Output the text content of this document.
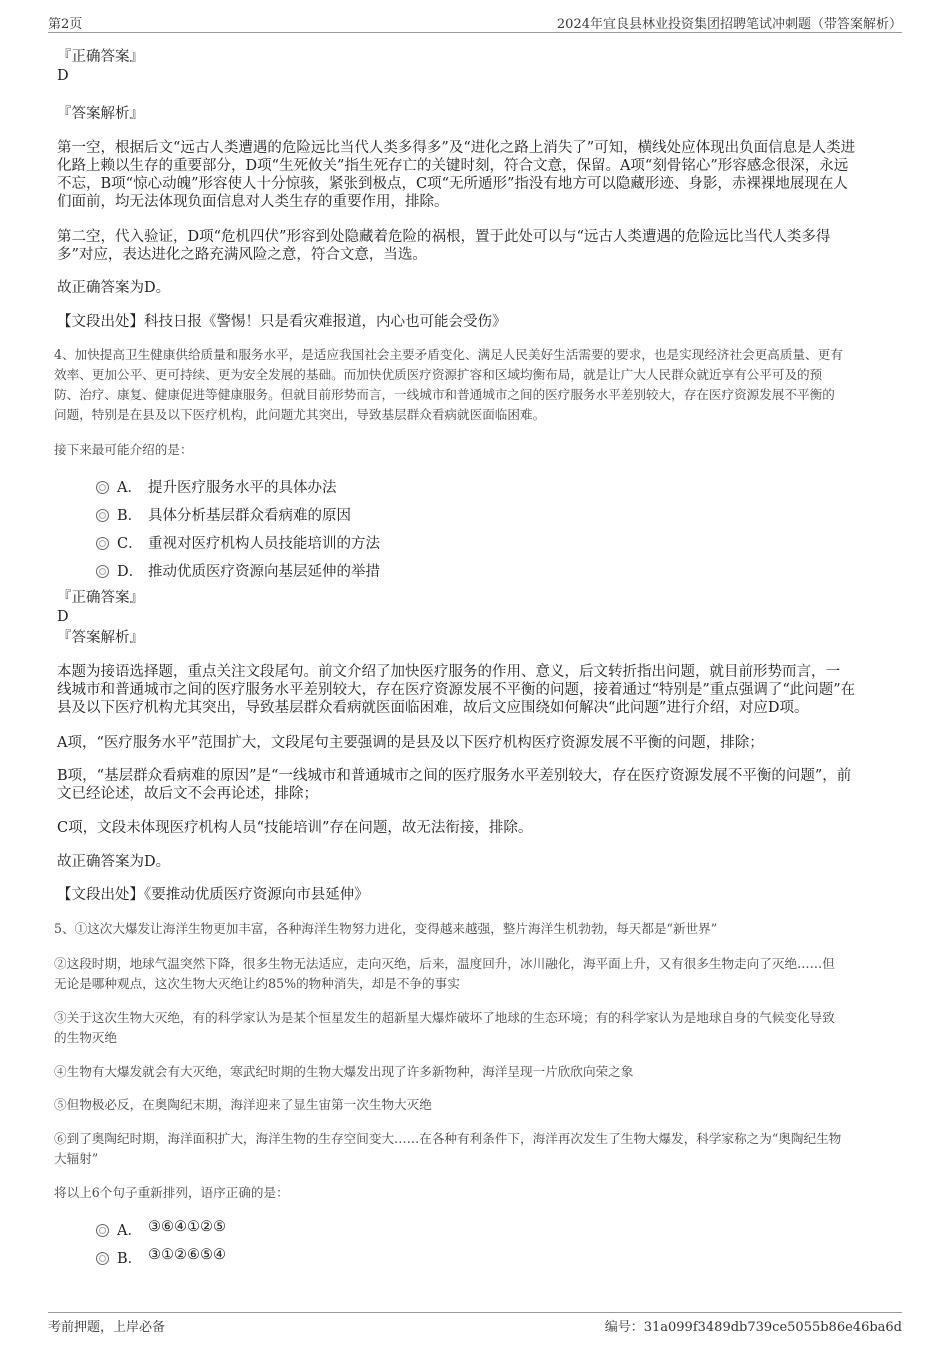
第2页	2024年宜良县林业投资集团招聘笔试冲刺题（带答案解析）

『正确答案』

D

『答案解析』

第一空，根据后文“远古人类遭遇的危险远比当代人类多得多”及“进化之路上消失了”可知，横线处应体现出负面信息是人类进

化路上赖以生存的重要部分，D项“生死攸关”指生死存亡的关键时刻，符合文意，保留。A项“刻骨铭心”形容感念很深，永远

不忘，B项“惊心动魄”形容使人十分惊骇，紧张到极点，C项“无所遁形”指没有地方可以隐藏形迹、身影，赤裸裸地展现在人

们面前，均无法体现负面信息对人类生存的重要作用，排除。

第二空，代入验证，D项“危机四伏”形容到处隐藏着危险的祸根，置于此处可以与“远古人类遭遇的危险远比当代人类多得

多”对应，表达进化之路充满风险之意，符合文意，当选。

故正确答案为D。

【文段出处】科技日报《警惕！只是看灾难报道，内心也可能会受伤》

4、加快提高卫生健康供给质量和服务水平，是适应我国社会主要矛盾变化、满足人民美好生活需要的要求，也是实现经济社会更高质量、更有

效率、更加公平、更可持续、更为安全发展的基础。而加快优质医疗资源扩容和区域均衡布局，就是让广大人民群众就近享有公平可及的预

防、治疗、康复、健康促进等健康服务。但就目前形势而言，一线城市和普通城市之间的医疗服务水平差别较大，存在医疗资源发展不平衡的

问题，特别是在县及以下医疗机构，此问题尤其突出，导致基层群众看病就医面临困难。

接下来最可能介绍的是：

A． 提升医疗服务水平的具体办法
B． 具体分析基层群众看病难的原因
C． 重视对医疗机构人员技能培训的方法
D． 推动优质医疗资源向基层延伸的举措

『正确答案』

D

『答案解析』

本题为接语选择题，重点关注文段尾句。前文介绍了加快医疗服务的作用、意义，后文转折指出问题，就目前形势而言，一

线城市和普通城市之间的医疗服务水平差别较大，存在医疗资源发展不平衡的问题，接着通过“特别是”重点强调了“此问题”在

县及以下医疗机构尤其突出，导致基层群众看病就医面临困难，故后文应围绕如何解决“此问题”进行介绍，对应D项。

A项，“医疗服务水平”范围扩大，文段尾句主要强调的是县及以下医疗机构医疗资源发展不平衡的问题，排除；

B项，“基层群众看病难的原因”是“一线城市和普通城市之间的医疗服务水平差别较大，存在医疗资源发展不平衡的问题”，前

文已经论述，故后文不会再论述，排除；

C项，文段未体现医疗机构人员“技能培训”存在问题，故无法衔接，排除。

故正确答案为D。

【文段出处】《要推动优质医疗资源向市县延伸》

5、①这次大爆发让海洋生物更加丰富，各种海洋生物努力进化，变得越来越强，整片海洋生机勃勃，每天都是“新世界”

②这段时期，地球气温突然下降，很多生物无法适应，走向灭绝，后来，温度回升，冰川融化，海平面上升，又有很多生物走向了灭绝……但

无论是哪种观点，这次生物大灭绝让约85%的物种消失，却是不争的事实

③关于这次生物大灭绝，有的科学家认为是某个恒星发生的超新星大爆炸破坏了地球的生态环境；有的科学家认为是地球自身的气候变化导致

的生物灭绝

④生物有大爆发就会有大灭绝，寒武纪时期的生物大爆发出现了许多新物种，海洋呈现一片欣欣向荣之象

⑤但物极必反，在奥陶纪末期，海洋迎来了显生宙第一次生物大灭绝

⑥到了奥陶纪时期，海洋面积扩大，海洋生物的生存空间变大……在各种有利条件下，海洋再次发生了生物大爆发，科学家称之为“奥陶纪生物

大辐射”

将以上6个句子重新排列，语序正确的是：

A． ③⑥④①②⑤
B． ③①②⑥⑤④
考前押题，上岸必备	编号：31a099f3489db739ce5055b86e46ba6d
